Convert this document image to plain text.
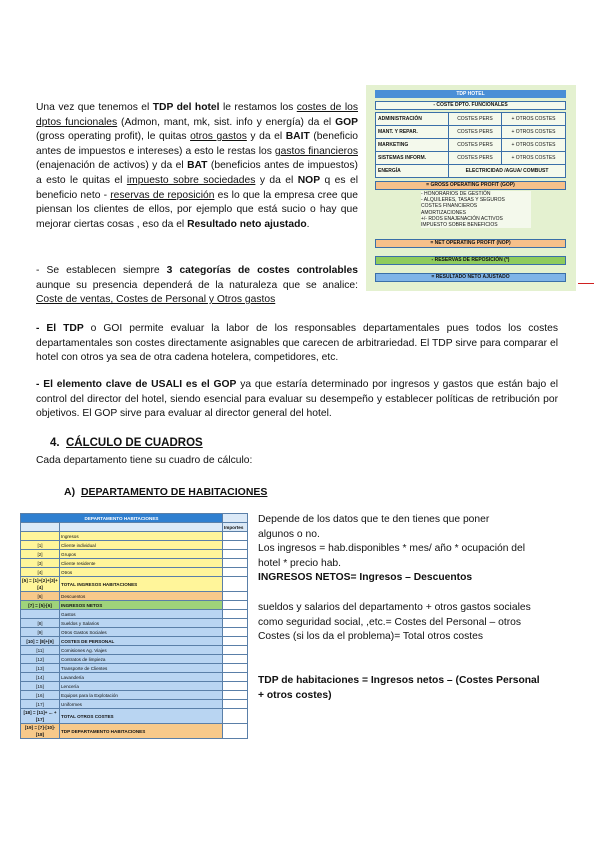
Una vez que tenemos el TDP del hotel le restamos los costes de los dptos funcionales (Admon, mant, mk, sist. info y energía) da el GOP (gross operating profit), le quitas otros gastos y da el BAIT (beneficio antes de impuestos e intereses) a esto le restas los gastos financieros (enajenación de activos) y da el BAT (beneficios antes de impuestos) a esto le quitas el impuesto sobre sociedades y da el NOP q es el beneficio neto - reservas de reposición es lo que la empresa cree que piensan los clientes de ellos, por ejemplo que está sucio o hay que mejorar ciertas cosas , eso da el Resultado neto ajustado.
- Se establecen siempre 3 categorías de costes controlables aunque su presencia dependerá de la naturaleza que se analice: Coste de ventas, Costes de Personal y Otros gastos
TDP HOTEL
- COSTE DPTO. FUNCIONALES
ADMINISTRACIÓN	COSTES PERS	+ OTROS COSTES
MANT. Y REPAR.	COSTES PERS	+ OTROS COSTES
MARKETING	COSTES PERS	+ OTROS COSTES
SISTEMAS INFORM.	COSTES PERS	+ OTROS COSTES
ENERGÍA	ELECTRICIDAD /AGUA/ COMBUST	
= GROSS OPERATING PROFIT (GOP)
- HONORARIOS DE GESTIÓN
- ALQUILERES, TASAS Y SEGUROS
COSTES FINANCIEROS
AMORTIZACIONES
+/- RDOS ENAJENACIÓN ACTIVOS
IMPUESTO SOBRE BENEFICIOS
= NET OPERATING PROFIT (NOP)
- RESERVAS DE REPOSICIÓN (*)
= RESULTADO NETO AJUSTADO
- El TDP o GOI permite evaluar la labor de los responsables departamentales pues todos los costes departamentales son costes directamente asignables que carecen de arbitrariedad. El TDP sirve para comparar el hotel con otros ya sea de otra cadena hotelera, competidores, etc.
- El elemento clave de USALI es el GOP ya que estaría determinado por ingresos y gastos que están bajo el control del director del hotel, siendo esencial para evaluar su desempeño y establecer políticas de retribución por objetivos. El GOP sirve para evaluar al director general del hotel.
4. CÁLCULO DE CUADROS
Cada departamento tiene su cuadro de cálculo:
A) DEPARTAMENTO DE HABITACIONES
DEPARTAMENTO HABITACIONES		
		Importes
	Ingresos	
[1]	Cliente individual	
[2]	Grupos	
[3]	Cliente residente	
[4]	Otros	
[5] = [1]+[2]+[3]+[4]	TOTAL INGRESOS HABITACIONES	
[6]	Descuentos	
[7] = [5]-[6]	INGRESOS NETOS	
	Gastos	
[8]	Sueldos y Salarios	
[9]	Otros Gastos Sociales	
[10] = [8]+[9]	COSTES DE PERSONAL	
[11]	Comisiones Ag. Viajes	
[12]	Contratos de limpieza	
[13]	Transporte de Clientes	
[14]	Lavandería	
[15]	Lencería	
[16]	Equipos para la Explotación	
[17]	Uniformes	
[18] = [11]+ ... + [17]	TOTAL OTROS COSTES	
[19] = [7]-[10]-[18]	TDP DEPARTAMENTO HABITACIONES	
Depende de los datos que te den tienes que poner algunos o no.
Los ingresos = hab.disponibles * mes/ año * ocupación del hotel * precio hab.
INGRESOS NETOS= Ingresos – Descuentos
sueldos y salarios del departamento + otros gastos sociales como seguridad social, ,etc.= Costes del Personal – otros Costes (si los da el problema)= Total otros costes
TDP de habitaciones = Ingresos netos – (Costes Personal + otros costes)
